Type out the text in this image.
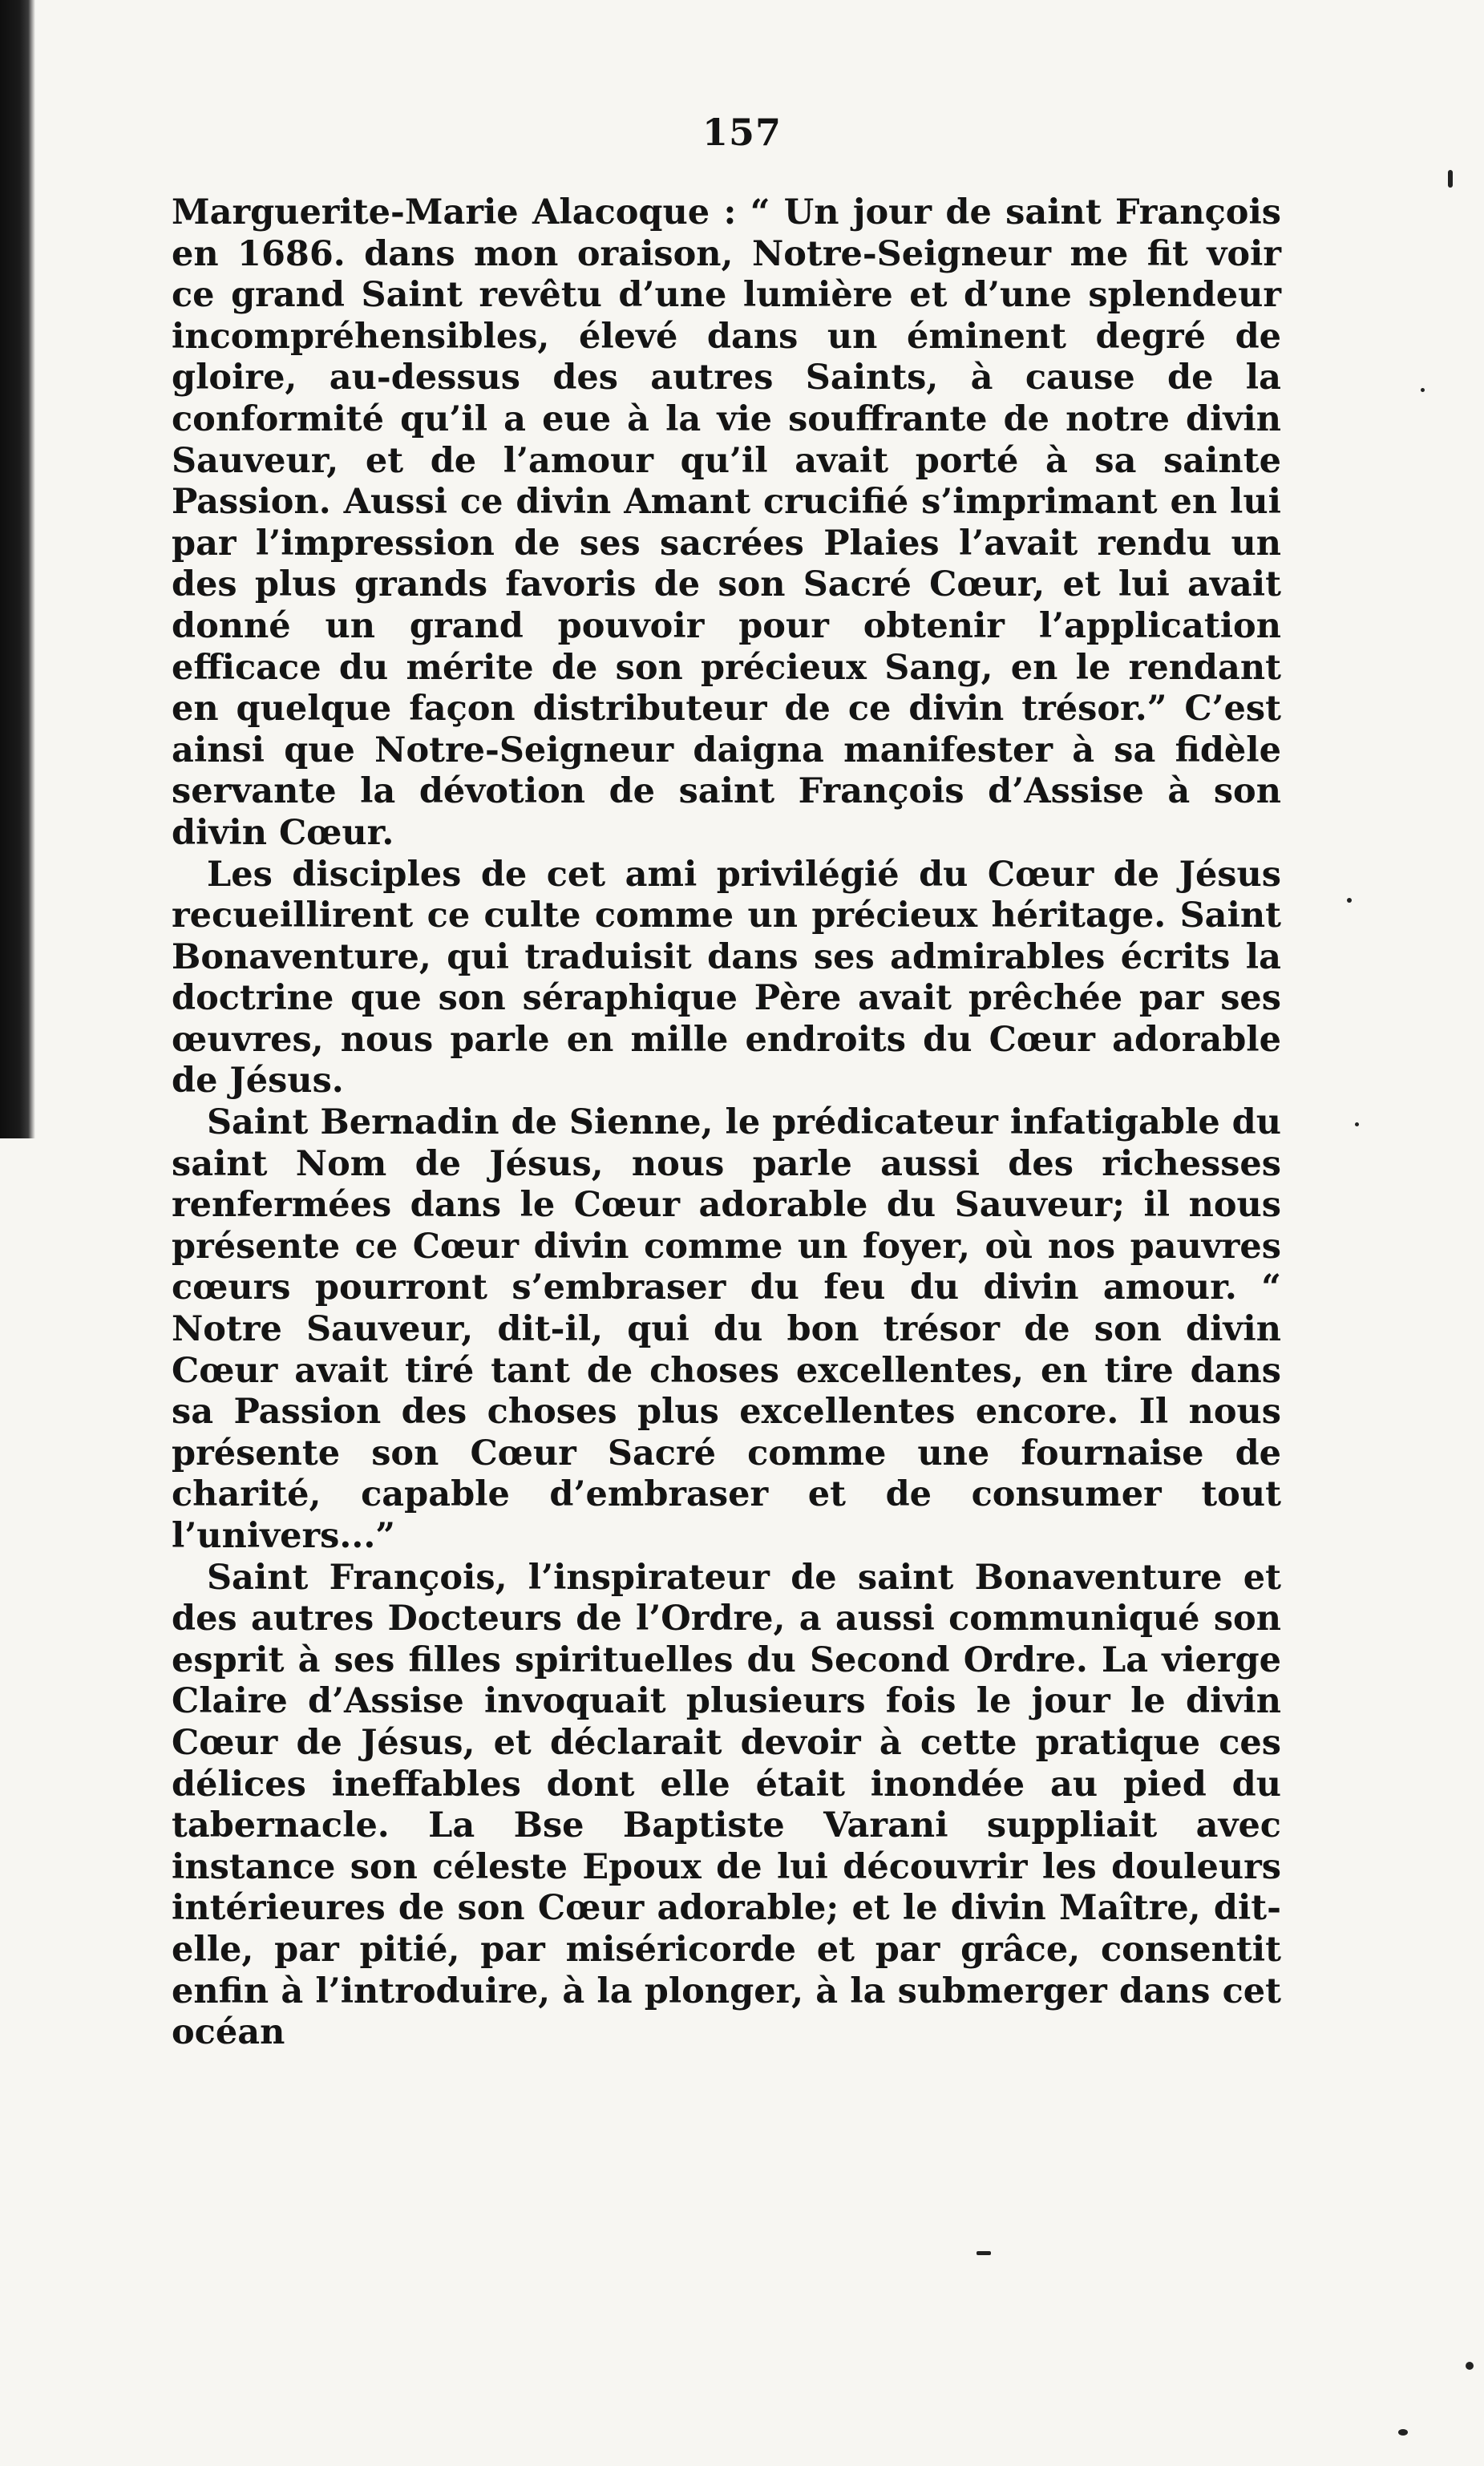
157

Marguerite-Marie Alacoque : “ Un jour de saint François en 1686. dans mon oraison, Notre-Seigneur me fit voir ce grand Saint revêtu d’une lumière et d’une splendeur incompréhensibles, élevé dans un éminent degré de gloire, au-dessus des autres Saints, à cause de la conformité qu’il a eue à la vie souffrante de notre divin Sauveur, et de l’amour qu’il avait porté à sa sainte Passion. Aussi ce divin Amant crucifié s’imprimant en lui par l’impression de ses sacrées Plaies l’avait rendu un des plus grands favoris de son Sacré Cœur, et lui avait donné un grand pouvoir pour obtenir l’application efficace du mérite de son précieux Sang, en le rendant en quelque façon distributeur de ce divin trésor.” C’est ainsi que Notre-Seigneur daigna manifester à sa fidèle servante la dévotion de saint François d’Assise à son divin Cœur.

Les disciples de cet ami privilégié du Cœur de Jésus recueillirent ce culte comme un précieux héritage. Saint Bonaventure, qui traduisit dans ses admirables écrits la doctrine que son séraphique Père avait prêchée par ses œuvres, nous parle en mille endroits du Cœur adorable de Jésus.

Saint Bernadin de Sienne, le prédicateur infatigable du saint Nom de Jésus, nous parle aussi des richesses renfermées dans le Cœur adorable du Sauveur; il nous présente ce Cœur divin comme un foyer, où nos pauvres cœurs pourront s’embraser du feu du divin amour. “ Notre Sauveur, dit-il, qui du bon trésor de son divin Cœur avait tiré tant de choses excellentes, en tire dans sa Passion des choses plus excellentes encore. Il nous présente son Cœur Sacré comme une fournaise de charité, capable d’embraser et de consumer tout l’univers...”

Saint François, l’inspirateur de saint Bonaventure et des autres Docteurs de l’Ordre, a aussi communiqué son esprit à ses filles spirituelles du Second Ordre. La vierge Claire d’Assise invoquait plusieurs fois le jour le divin Cœur de Jésus, et déclarait devoir à cette pratique ces délices ineffables dont elle était inondée au pied du tabernacle. La Bse Baptiste Varani suppliait avec instance son céleste Epoux de lui découvrir les douleurs intérieures de son Cœur adorable; et le divin Maître, dit-elle, par pitié, par miséricorde et par grâce, consentit enfin à l’introduire, à la plonger, à la submerger dans cet océan
